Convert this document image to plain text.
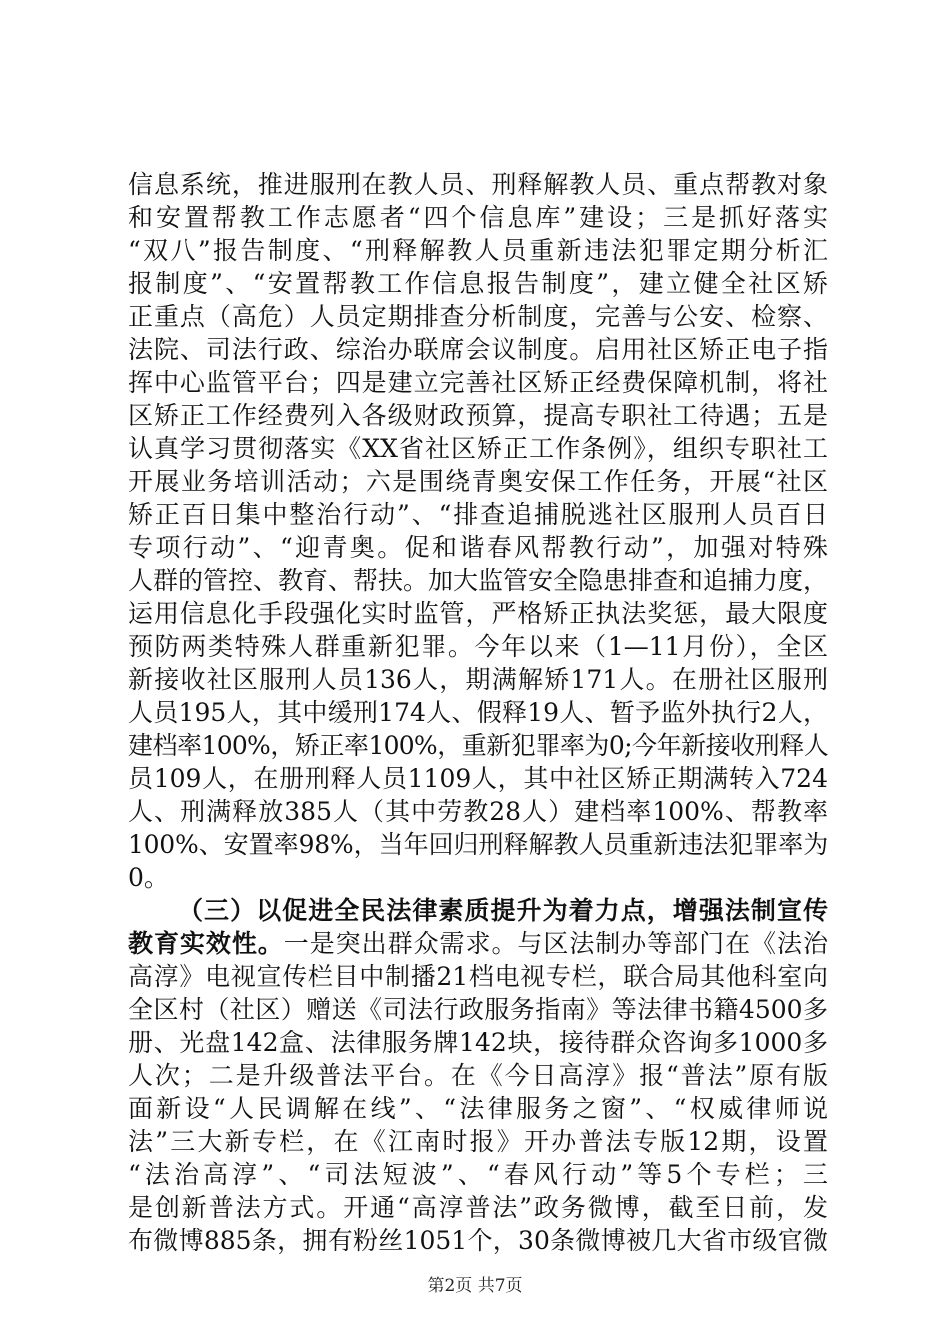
信息系统，推进服刑在教人员、刑释解教人员、重点帮教对象
和安置帮教工作志愿者“四个信息库”建设；三是抓好落实
“双八”报告制度、“刑释解教人员重新违法犯罪定期分析汇
报制度”、“安置帮教工作信息报告制度”，建立健全社区矫
正重点（高危）人员定期排查分析制度，完善与公安、检察、
法院、司法行政、综治办联席会议制度。启用社区矫正电子指
挥中心监管平台；四是建立完善社区矫正经费保障机制，将社
区矫正工作经费列入各级财政预算，提高专职社工待遇；五是
认真学习贯彻落实《XX省社区矫正工作条例》，组织专职社工
开展业务培训活动；六是围绕青奥安保工作任务，开展“社区
矫正百日集中整治行动”、“排查追捕脱逃社区服刑人员百日
专项行动”、“迎青奥。促和谐春风帮教行动”，加强对特殊
人群的管控、教育、帮扶。加大监管安全隐患排查和追捕力度，
运用信息化手段强化实时监管，严格矫正执法奖惩，最大限度
预防两类特殊人群重新犯罪。今年以来（1—11月份），全区
新接收社区服刑人员136人，期满解矫171人。在册社区服刑
人员195人，其中缓刑174人、假释19人、暂予监外执行2人，
建档率100%，矫正率100%，重新犯罪率为0;今年新接收刑释人
员109人，在册刑释人员1109人，其中社区矫正期满转入724
人、刑满释放385人（其中劳教28人）建档率100%、帮教率
100%、安置率98%，当年回归刑释解教人员重新违法犯罪率为
0。
（三）以促进全民法律素质提升为着力点，增强法制宣传
教育实效性。一是突出群众需求。与区法制办等部门在《法治
高淳》电视宣传栏目中制播21档电视专栏，联合局其他科室向
全区村（社区）赠送《司法行政服务指南》等法律书籍4500多
册、光盘142盒、法律服务牌142块，接待群众咨询多1000多
人次；二是升级普法平台。在《今日高淳》报“普法”原有版
面新设“人民调解在线”、“法律服务之窗”、“权威律师说
法”三大新专栏，在《江南时报》开办普法专版12期，设置
“法治高淳”、“司法短波”、“春风行动”等5个专栏；三
是创新普法方式。开通“高淳普法”政务微博，截至日前，发
布微博885条，拥有粉丝1051个，30条微博被几大省市级官微
第2页 共7页
